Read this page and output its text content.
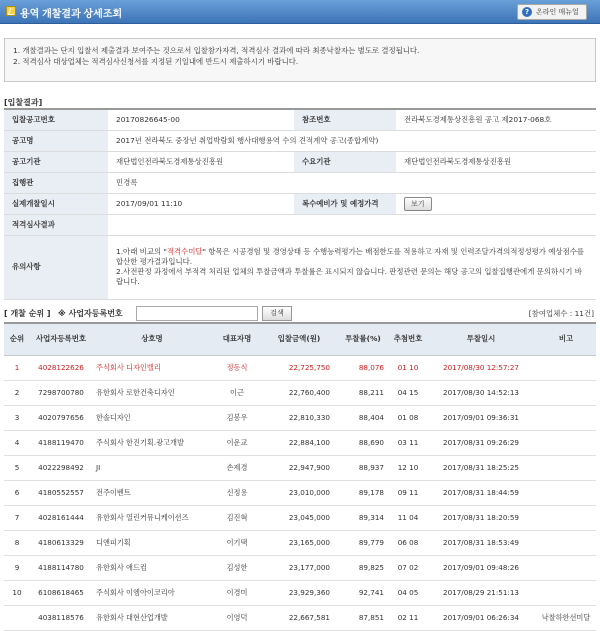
용역 개찰결과 상세조회	? 온라인 매뉴얼

1. 개찰결과는 단지 입찰서 제출결과 보여주는 것으로서 입찰참가자격, 적격심사 결과에 따라 최종낙찰자는 별도로 결정됩니다.

2. 적격심사 대상업체는 적격심사신청서를 지정된 기일내에 반드시 제출하시기 바랍니다.

[입찰결과]
입찰공고번호	20170826645-00	참조번호	전라북도경제통상진흥원 공고 제2017-068호
공고명	2017년 전라북도 중장년 취업박람회 행사대행용역 수의 견적계약 공고(종합계약)		
공고기관	재단법인전라북도경제통상진흥원	수요기관	재단법인전라북도경제통상진흥원
집행관	민경록		
실제개찰일시	2017/09/01 11:10	복수예비가 및 예정가격	보기
적격심사결과			
유의사항	1.아래 비교의 "적격수미달" 항목은 시공경험 및 경영상태 등 수행능력평가는 배점한도를 적용하고 자재 및 인력조달가격의적정성평가 예상점수를 합산한 평가결과입니다.
2.사전판정 과정에서 부적격 처리된 업체의 투찰금액과 투찰률은 표시되지 않습니다. 판정관련 문의는 해당 공고의 입찰집행관에게 문의하시기 바랍니다.		
[ 개찰 순위 ] ※ 사업자등록번호	검색	[참여업체수 : 11건]
순위	사업자등록번호	상호명	대표자명	입찰금액(원)	투찰률(%)	추첨번호	투찰일시	비고
1	4028122626	주식회사 디자인밸리	정동식	22,725,750	88,076	01 10	2017/08/30 12:57:27	
2	7298700780	유한회사 로한건축디자인	이근	22,760,400	88,211	04 15	2017/08/30 14:52:13	
3	4020797656	한솔디자인	김봉우	22,810,330	88,404	01 08	2017/09/01 09:36:31	
4	4188119470	주식회사 한진기획.광고개발	이운교	22,884,100	88,690	03 11	2017/08/31 09:26:29	
5	4022298492	JI	손제경	22,947,900	88,937	12 10	2017/08/31 18:25:25	
6	4180552557	전주이벤트	신정용	23,010,000	89,178	09 11	2017/08/31 18:44:59	
7	4028161444	유한회사 열린커뮤니케이션즈	김진혁	23,045,000	89,314	11 04	2017/08/31 18:20:59	
8	4180613329	디앤피기획	이기택	23,165,000	89,779	06 08	2017/08/31 18:53:49	
9	4188114780	유한회사 애드컴	김성한	23,177,000	89,825	07 02	2017/09/01 09:48:26	
10	6108618465	주식회사 이엠아이코리아	이경미	23,929,360	92,741	04 05	2017/08/29 21:51:13	
	4038118576	유한회사 대현산업개발	이영덕	22,667,581	87,851	02 11	2017/09/01 06:26:34	낙찰하한선미달
